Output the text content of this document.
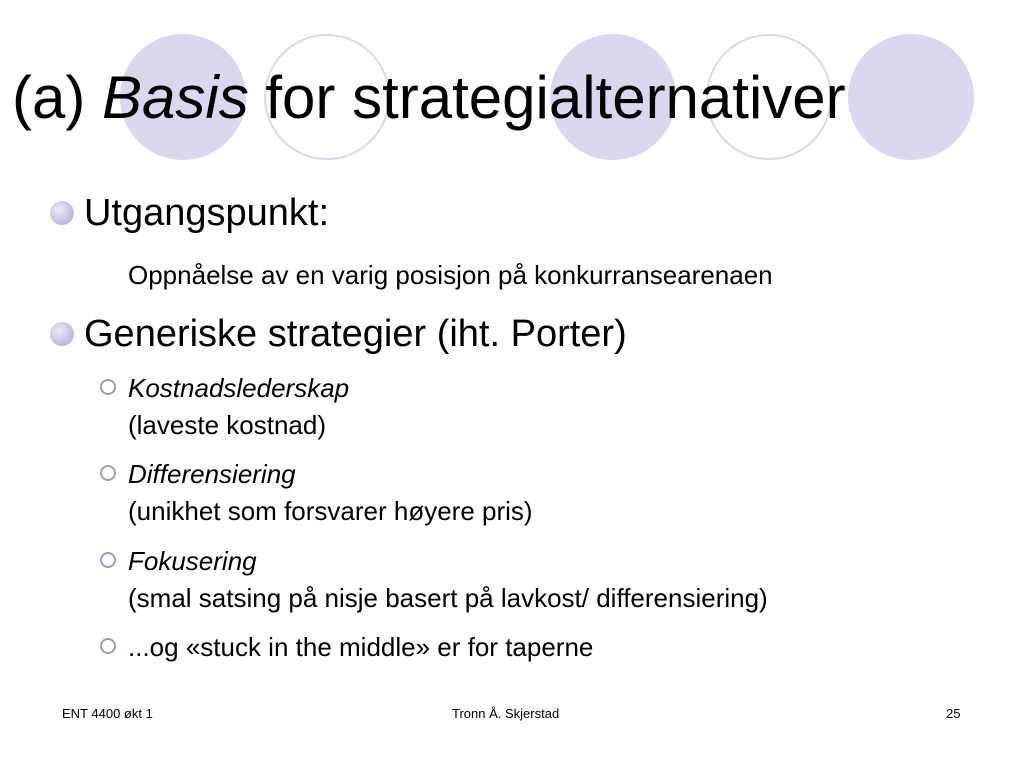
(a) Basis for strategialternativer
Utgangspunkt:
Oppnåelse av en varig posisjon på konkurransearenaen
Generiske strategier (iht. Porter)
Kostnadslederskap
(laveste kostnad)
Differensiering
(unikhet som forsvarer høyere pris)
Fokusering
(smal satsing på nisje basert på lavkost/ differensiering)
...og «stuck in the middle» er for taperne
ENT 4400 økt 1	Tronn Å. Skjerstad	25
